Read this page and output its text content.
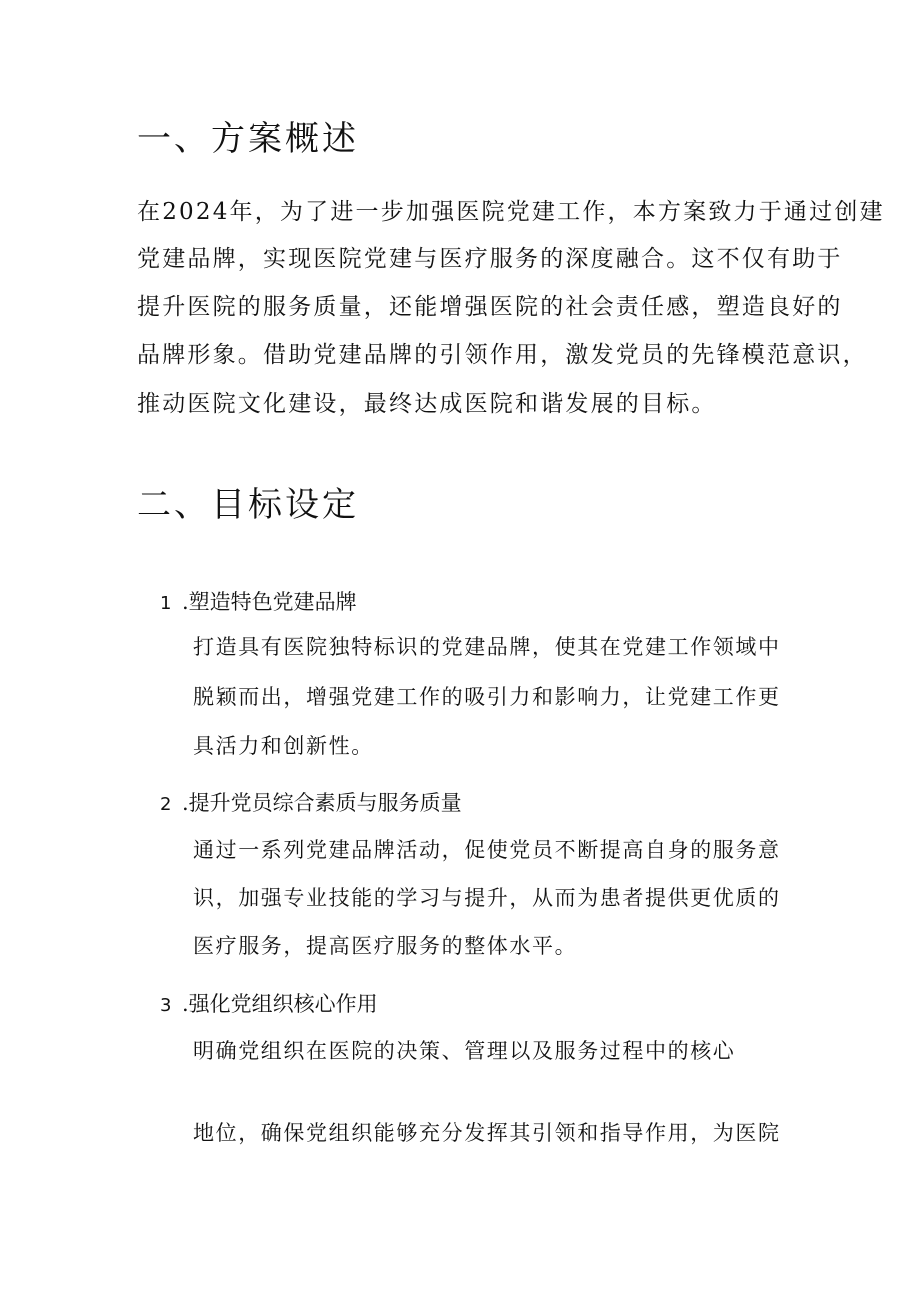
一、方案概述
在2024年，为了进一步加强医院党建工作，本方案致力于通过创建
党建品牌，实现医院党建与医疗服务的深度融合。这不仅有助于
提升医院的服务质量，还能增强医院的社会责任感，塑造良好的
品牌形象。借助党建品牌的引领作用，激发党员的先锋模范意识，
推动医院文化建设，最终达成医院和谐发展的目标。
二、目标设定
1 .塑造特色党建品牌
打造具有医院独特标识的党建品牌，使其在党建工作领域中
脱颖而出，增强党建工作的吸引力和影响力，让党建工作更
具活力和创新性。
2 .提升党员综合素质与服务质量
通过一系列党建品牌活动，促使党员不断提高自身的服务意
识，加强专业技能的学习与提升，从而为患者提供更优质的
医疗服务，提高医疗服务的整体水平。
3 .强化党组织核心作用
明确党组织在医院的决策、管理以及服务过程中的核心
地位，确保党组织能够充分发挥其引领和指导作用，为医院
